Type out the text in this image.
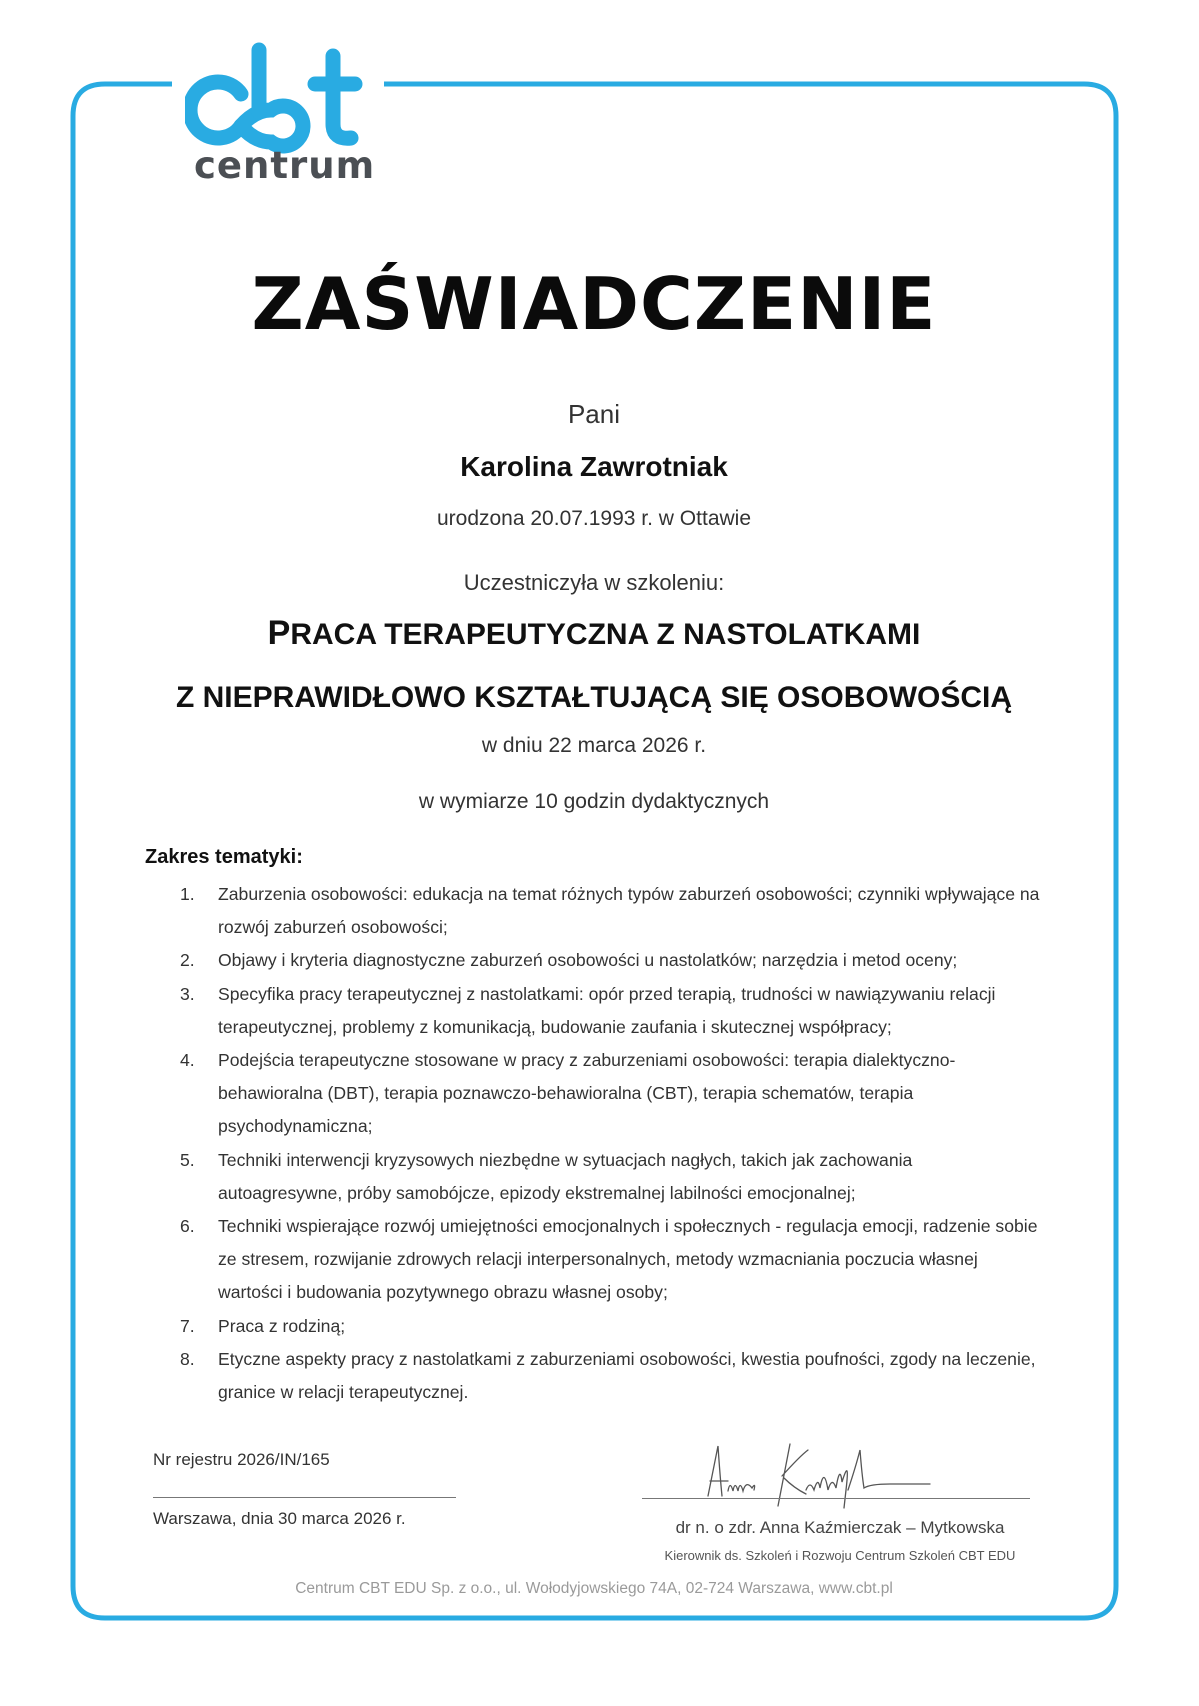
centrum
ZAŚWIADCZENIE
Pani
Karolina Zawrotniak
urodzona 20.07.1993 r. w Ottawie
Uczestniczyła w szkoleniu:
PRACA TERAPEUTYCZNA Z NASTOLATKAMI
Z NIEPRAWIDŁOWO KSZTAŁTUJĄCĄ SIĘ OSOBOWOŚCIĄ
w dniu 22 marca 2026 r.
w wymiarze 10 godzin dydaktycznych
Zakres tematyki:
1. Zaburzenia osobowości: edukacja na temat różnych typów zaburzeń osobowości; czynniki wpływające na rozwój zaburzeń osobowości;
2. Objawy i kryteria diagnostyczne zaburzeń osobowości u nastolatków; narzędzia i metod oceny;
3. Specyfika pracy terapeutycznej z nastolatkami: opór przed terapią, trudności w nawiązywaniu relacji terapeutycznej, problemy z komunikacją, budowanie zaufania i skutecznej współpracy;
4. Podejścia terapeutyczne stosowane w pracy z zaburzeniami osobowości: terapia dialektyczno-behawioralna (DBT), terapia poznawczo-behawioralna (CBT), terapia schematów, terapia psychodynamiczna;
5. Techniki interwencji kryzysowych niezbędne w sytuacjach nagłych, takich jak zachowania autoagresywne, próby samobójcze, epizody ekstremalnej labilności emocjonalnej;
6. Techniki wspierające rozwój umiejętności emocjonalnych i społecznych - regulacja emocji, radzenie sobie ze stresem, rozwijanie zdrowych relacji interpersonalnych, metody wzmacniania poczucia własnej wartości i budowania pozytywnego obrazu własnej osoby;
7. Praca z rodziną;
8. Etyczne aspekty pracy z nastolatkami z zaburzeniami osobowości, kwestia poufności, zgody na leczenie, granice w relacji terapeutycznej.
Nr rejestru 2026/IN/165
Warszawa, dnia 30 marca 2026 r.	dr n. o zdr. Anna Kaźmierczak – Mytkowska
Kierownik ds. Szkoleń i Rozwoju Centrum Szkoleń CBT EDU
Centrum CBT EDU Sp. z o.o., ul. Wołodyjowskiego 74A, 02-724 Warszawa, www.cbt.pl
